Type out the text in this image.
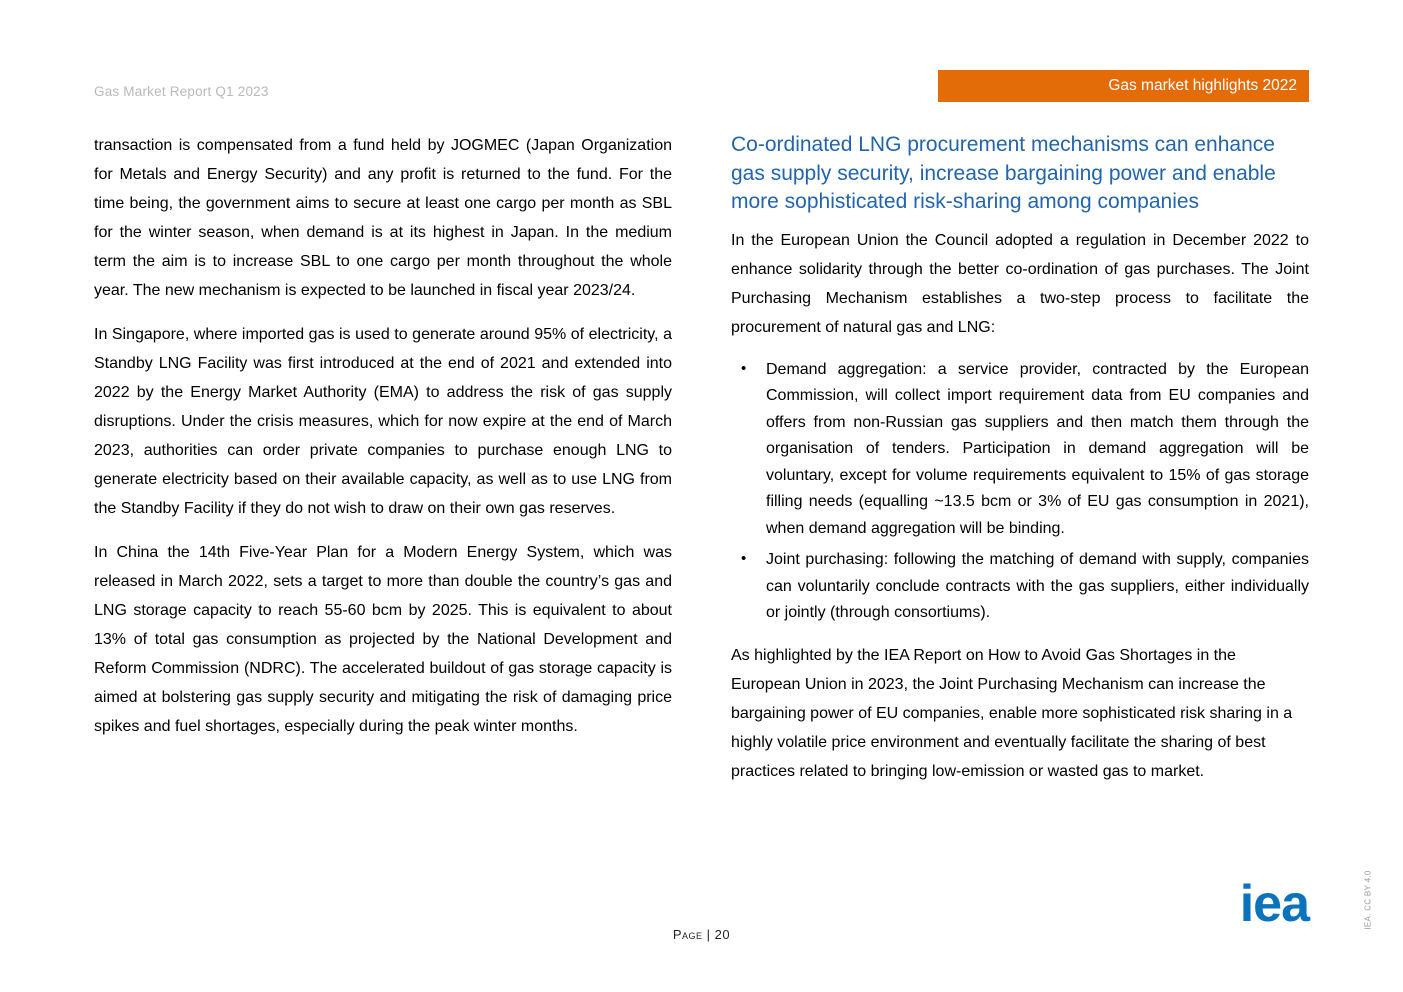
Gas Market Report Q1 2023	Gas market highlights 2022

transaction is compensated from a fund held by JOGMEC (Japan Organization for Metals and Energy Security) and any profit is returned to the fund. For the time being, the government aims to secure at least one cargo per month as SBL for the winter season, when demand is at its highest in Japan. In the medium term the aim is to increase SBL to one cargo per month throughout the whole year. The new mechanism is expected to be launched in fiscal year 2023/24.

In Singapore, where imported gas is used to generate around 95% of electricity, a Standby LNG Facility was first introduced at the end of 2021 and extended into 2022 by the Energy Market Authority (EMA) to address the risk of gas supply disruptions. Under the crisis measures, which for now expire at the end of March 2023, authorities can order private companies to purchase enough LNG to generate electricity based on their available capacity, as well as to use LNG from the Standby Facility if they do not wish to draw on their own gas reserves.

In China the 14th Five-Year Plan for a Modern Energy System, which was released in March 2022, sets a target to more than double the country’s gas and LNG storage capacity to reach 55-60 bcm by 2025. This is equivalent to about 13% of total gas consumption as projected by the National Development and Reform Commission (NDRC). The accelerated buildout of gas storage capacity is aimed at bolstering gas supply security and mitigating the risk of damaging price spikes and fuel shortages, especially during the peak winter months.

Co-ordinated LNG procurement mechanisms can enhance gas supply security, increase bargaining power and enable more sophisticated risk-sharing among companies

In the European Union the Council adopted a regulation in December 2022 to enhance solidarity through the better co-ordination of gas purchases. The Joint Purchasing Mechanism establishes a two-step process to facilitate the procurement of natural gas and LNG:

• Demand aggregation: a service provider, contracted by the European Commission, will collect import requirement data from EU companies and offers from non-Russian gas suppliers and then match them through the organisation of tenders. Participation in demand aggregation will be voluntary, except for volume requirements equivalent to 15% of gas storage filling needs (equalling ~13.5 bcm or 3% of EU gas consumption in 2021), when demand aggregation will be binding.
• Joint purchasing: following the matching of demand with supply, companies can voluntarily conclude contracts with the gas suppliers, either individually or jointly (through consortiums).

As highlighted by the IEA Report on How to Avoid Gas Shortages in the European Union in 2023, the Joint Purchasing Mechanism can increase the bargaining power of EU companies, enable more sophisticated risk sharing in a highly volatile price environment and eventually facilitate the sharing of best practices related to bringing low-emission or wasted gas to market.

Page | 20
iea	IEA. CC BY 4.0
